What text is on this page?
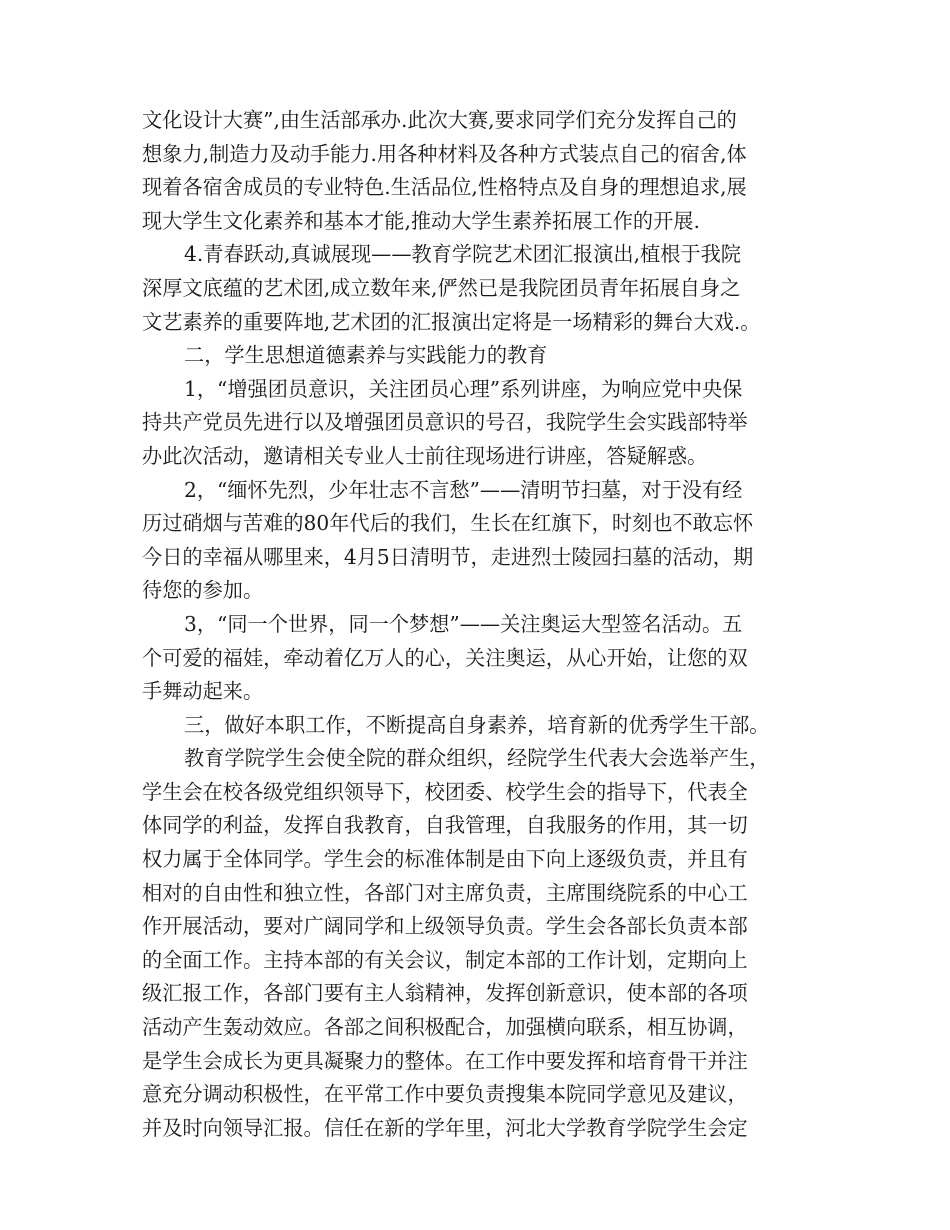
文化设计大赛”,由生活部承办.此次大赛,要求同学们充分发挥自己的
想象力,制造力及动手能力.用各种材料及各种方式装点自己的宿舍,体
现着各宿舍成员的专业特色.生活品位,性格特点及自身的理想追求,展
现大学生文化素养和基本才能,推动大学生素养拓展工作的开展.
4.青春跃动,真诚展现——教育学院艺术团汇报演出,植根于我院
深厚文底蕴的艺术团,成立数年来,俨然已是我院团员青年拓展自身之
文艺素养的重要阵地,艺术团的汇报演出定将是一场精彩的舞台大戏.。
二，学生思想道德素养与实践能力的教育
1，“增强团员意识，关注团员心理”系列讲座，为响应党中央保
持共产党员先进行以及增强团员意识的号召，我院学生会实践部特举
办此次活动，邀请相关专业人士前往现场进行讲座，答疑解惑。
2，“缅怀先烈，少年壮志不言愁”——清明节扫墓，对于没有经
历过硝烟与苦难的80年代后的我们，生长在红旗下，时刻也不敢忘怀
今日的幸福从哪里来，4月5日清明节，走进烈士陵园扫墓的活动，期
待您的参加。
3，“同一个世界，同一个梦想”——关注奥运大型签名活动。五
个可爱的福娃，牵动着亿万人的心，关注奥运，从心开始，让您的双
手舞动起来。
三，做好本职工作，不断提高自身素养，培育新的优秀学生干部。
教育学院学生会使全院的群众组织，经院学生代表大会选举产生，
学生会在校各级党组织领导下，校团委、校学生会的指导下，代表全
体同学的利益，发挥自我教育，自我管理，自我服务的作用，其一切
权力属于全体同学。学生会的标准体制是由下向上逐级负责，并且有
相对的自由性和独立性，各部门对主席负责，主席围绕院系的中心工
作开展活动，要对广阔同学和上级领导负责。学生会各部长负责本部
的全面工作。主持本部的有关会议，制定本部的工作计划，定期向上
级汇报工作，各部门要有主人翁精神，发挥创新意识，使本部的各项
活动产生轰动效应。各部之间积极配合，加强横向联系，相互协调，
是学生会成长为更具凝聚力的整体。在工作中要发挥和培育骨干并注
意充分调动积极性，在平常工作中要负责搜集本院同学意见及建议，
并及时向领导汇报。信任在新的学年里，河北大学教育学院学生会定
